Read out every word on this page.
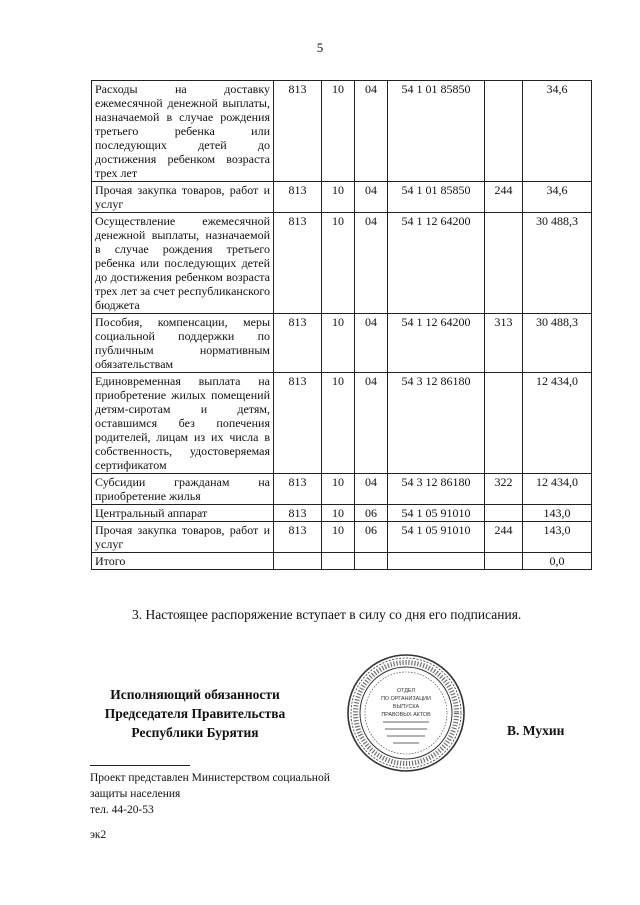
5
Расходы на доставку ежемесячной денежной выплаты, назначаемой в случае рождения третьего ребенка или последующих детей до достижения ребенком возраста трех лет	813	10	04	54 1 01 85850		34,6
Прочая закупка товаров, работ и услуг	813	10	04	54 1 01 85850	244	34,6
Осуществление ежемесячной денежной выплаты, назначаемой в случае рождения третьего ребенка или последующих детей до достижения ребенком возраста трех лет за счет республиканского бюджета	813	10	04	54 1 12 64200		30 488,3
Пособия, компенсации, меры социальной поддержки по публичным нормативным обязательствам	813	10	04	54 1 12 64200	313	30 488,3
Единовременная выплата на приобретение жилых помещений детям-сиротам и детям, оставшимся без попечения родителей, лицам из их числа в собственность, удостоверяемая сертификатом	813	10	04	54 3 12 86180		12 434,0
Субсидии гражданам на приобретение жилья	813	10	04	54 3 12 86180	322	12 434,0
Центральный аппарат	813	10	06	54 1 05 91010		143,0
Прочая закупка товаров, работ и услуг	813	10	06	54 1 05 91010	244	143,0
Итого						0,0
3. Настоящее распоряжение вступает в силу со дня его подписания.
Исполняющий обязанности
Председателя Правительства
Республики Бурятия
ОТДЕЛ
ПО ОРГАНИЗАЦИИ
ВЫПУСКА
ПРАВОВЫХ АКТОВ
В. Мухин
Проект представлен Министерством социальной
защиты населения
тел. 44-20-53
эк2
